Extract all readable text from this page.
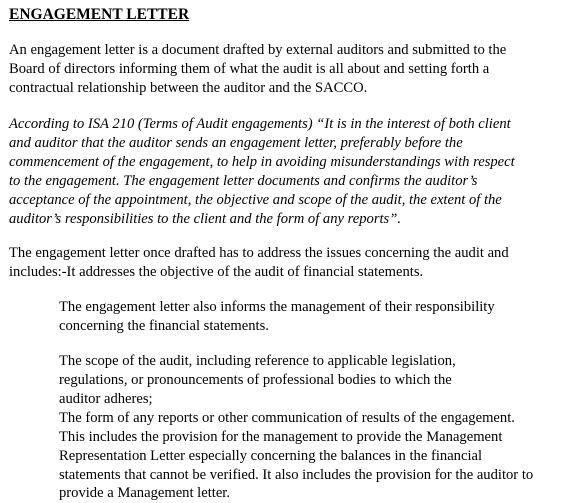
ENGAGEMENT LETTER
An engagement letter is a document drafted by external auditors and submitted to the
Board of directors informing them of what the audit is all about and setting forth a
contractual relationship between the auditor and the SACCO.
According to ISA 210 (Terms of Audit engagements) “It is in the interest of both client
and auditor that the auditor sends an engagement letter, preferably before the
commencement of the engagement, to help in avoiding misunderstandings with respect
to the engagement. The engagement letter documents and confirms the auditor’s
acceptance of the appointment, the objective and scope of the audit, the extent of the
auditor’s responsibilities to the client and the form of any reports”.
The engagement letter once drafted has to address the issues concerning the audit and
includes:-It addresses the objective of the audit of financial statements.
The engagement letter also informs the management of their responsibility
concerning the financial statements.
The scope of the audit, including reference to applicable legislation,
regulations, or pronouncements of professional bodies to which the
auditor adheres;
The form of any reports or other communication of results of the engagement.
This includes the provision for the management to provide the Management
Representation Letter especially concerning the balances in the financial
statements that cannot be verified. It also includes the provision for the auditor to
provide a Management letter.
